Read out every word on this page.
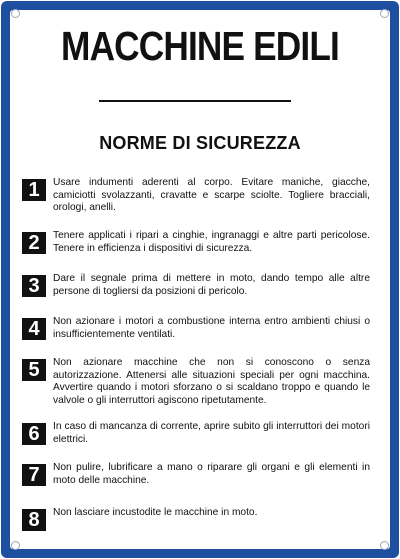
MACCHINE EDILI
NORME DI SICUREZZA
1	Usare indumenti aderenti al corpo. Evitare maniche, giacche, camiciotti svolazzanti, cravatte e scarpe sciolte. Togliere bracciali, orologi, anelli.
2	Tenere applicati i ripari a cinghie, ingranaggi e altre parti pericolose. Tenere in efficienza i dispositivi di sicurezza.
3	Dare il segnale prima di mettere in moto, dando tempo alle altre persone di togliersi da posizioni di pericolo.
4	Non azionare i motori a combustione interna entro ambienti chiusi o insufficientemente ventilati.
5	Non azionare macchine che non si conoscono o senza autorizzazione. Attenersi alle situazioni speciali per ogni macchina. Avvertire quando i motori sforzano o si scaldano troppo e quando le valvole o gli interruttori agiscono ripetutamente.
6	In caso di mancanza di corrente, aprire subito gli interruttori dei motori elettrici.
7	Non pulire, lubrificare a mano o riparare gli organi e gli elementi in moto delle macchine.
8	Non lasciare incustodite le macchine in moto.
